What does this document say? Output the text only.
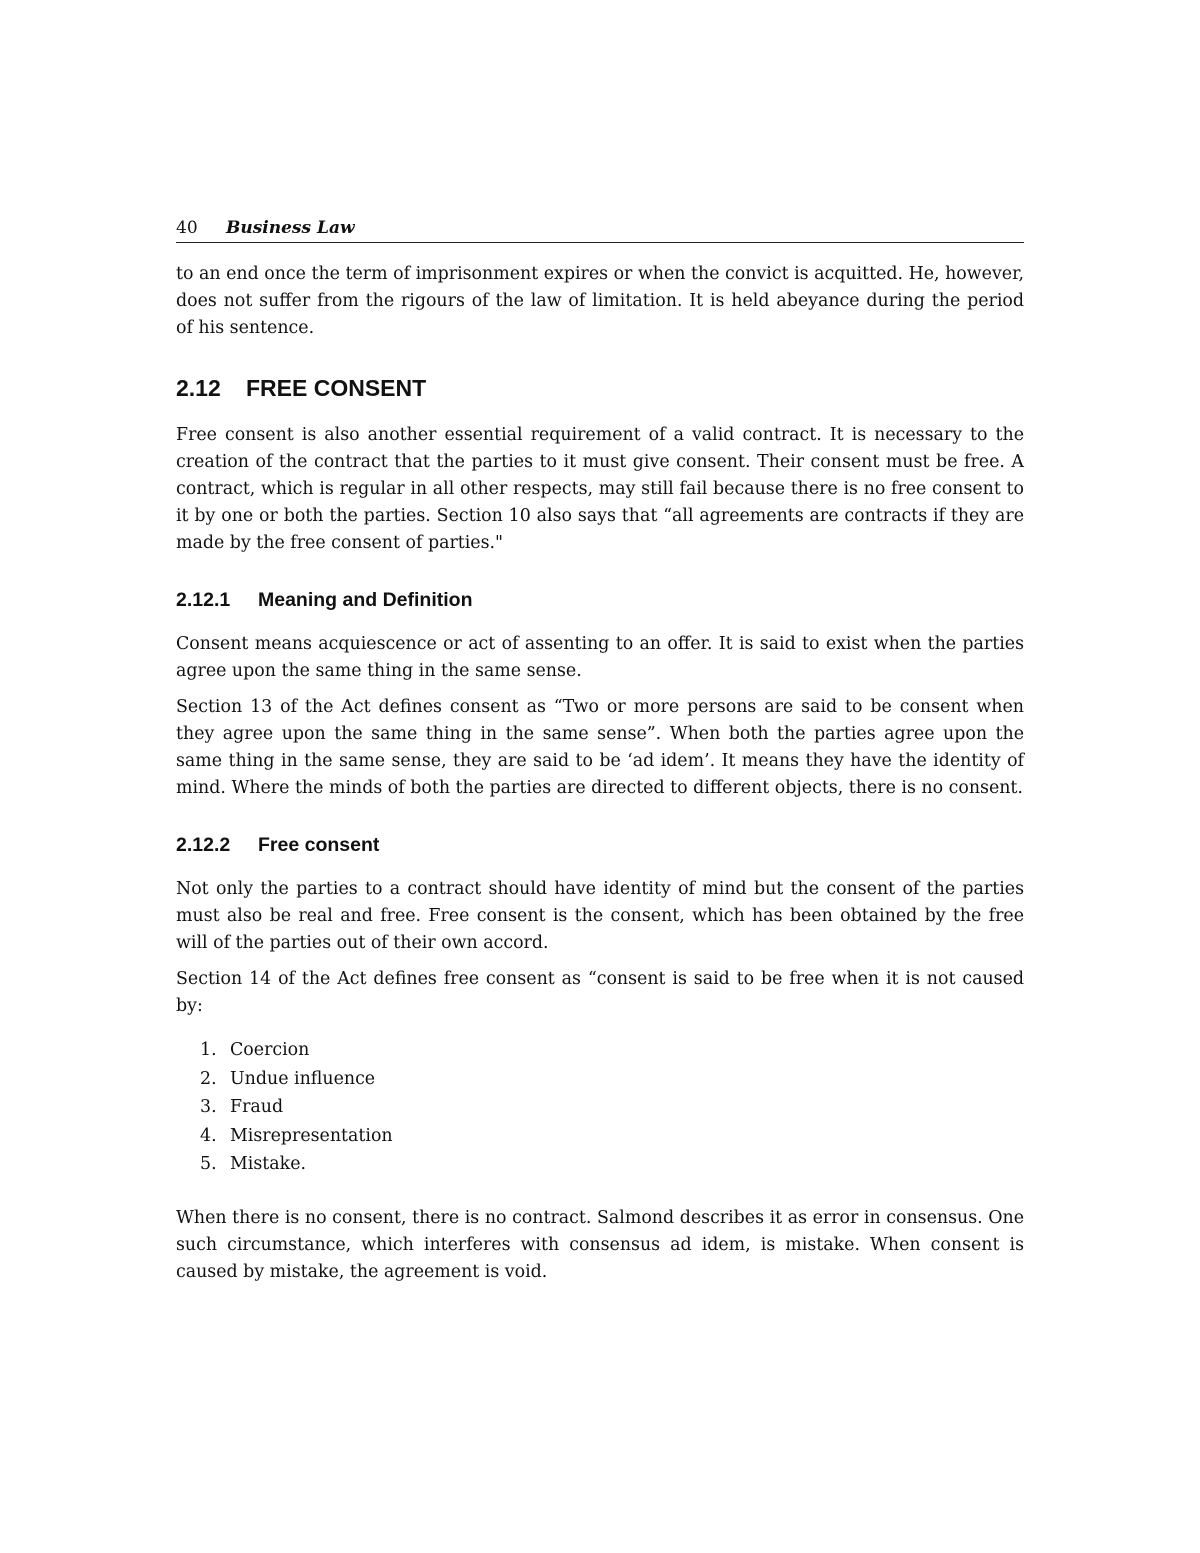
40	Business Law

to an end once the term of imprisonment expires or when the convict is acquitted. He, however, does not suffer from the rigours of the law of limitation. It is held abeyance during the period of his sentence.

2.12	FREE CONSENT

Free consent is also another essential requirement of a valid contract. It is necessary to the creation of the contract that the parties to it must give consent. Their consent must be free. A contract, which is regular in all other respects, may still fail because there is no free consent to it by one or both the parties. Section 10 also says that “all agreements are contracts if they are made by the free consent of parties."

2.12.1	Meaning and Definition

Consent means acquiescence or act of assenting to an offer. It is said to exist when the parties agree upon the same thing in the same sense.

Section 13 of the Act defines consent as “Two or more persons are said to be consent when they agree upon the same thing in the same sense”. When both the parties agree upon the same thing in the same sense, they are said to be ‘ad idem’. It means they have the identity of mind. Where the minds of both the parties are directed to different objects, there is no consent.

2.12.2	Free consent

Not only the parties to a contract should have identity of mind but the consent of the parties must also be real and free. Free consent is the consent, which has been obtained by the free will of the parties out of their own accord.

Section 14 of the Act defines free consent as “consent is said to be free when it is not caused by:

1. Coercion
2. Undue influence
3. Fraud
4. Misrepresentation
5. Mistake.

When there is no consent, there is no contract. Salmond describes it as error in consensus. One such circumstance, which interferes with consensus ad idem, is mistake. When consent is caused by mistake, the agreement is void.
